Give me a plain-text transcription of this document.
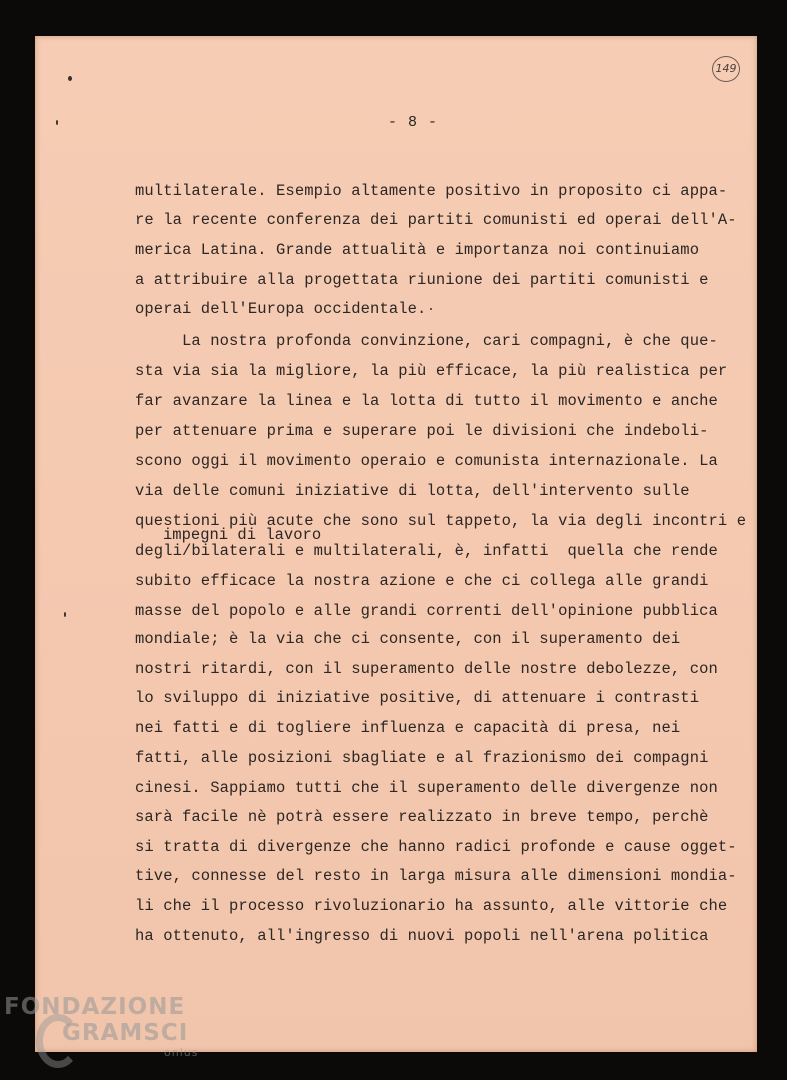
- 8 -
149
multilaterale. Esempio altamente positivo in proposito ci appa-
re la recente conferenza dei partiti comunisti ed operai dell'A-
merica Latina. Grande attualità e importanza noi continuiamo
a attribuire alla progettata riunione dei partiti comunisti e
operai dell'Europa occidentale.
La nostra profonda convinzione, cari compagni, è che que-
sta via sia la migliore, la più efficace, la più realistica per
far avanzare la linea e la lotta di tutto il movimento e anche
per attenuare prima e superare poi le divisioni che indeboli-
scono oggi il movimento operaio e comunista internazionale. La
via delle comuni iniziative di lotta, dell'intervento sulle
questioni più acute che sono sul tappeto, la via degli incontri e
impegni di lavoro
degli/bilaterali e multilaterali, è, infatti  quella che rende
subito efficace la nostra azione e che ci collega alle grandi
masse del popolo e alle grandi correnti dell'opinione pubblica
mondiale; è la via che ci consente, con il superamento dei
nostri ritardi, con il superamento delle nostre debolezze, con
lo sviluppo di iniziative positive, di attenuare i contrasti
nei fatti e di togliere influenza e capacità di presa, nei
fatti, alle posizioni sbagliate e al frazionismo dei compagni
cinesi. Sappiamo tutti che il superamento delle divergenze non
sarà facile nè potrà essere realizzato in breve tempo, perchè
si tratta di divergenze che hanno radici profonde e cause ogget-
tive, connesse del resto in larga misura alle dimensioni mondia-
li che il processo rivoluzionario ha assunto, alle vittorie che
ha ottenuto, all'ingresso di nuovi popoli nell'arena politica
FONDAZIONE
GRAMSCI
onlus
